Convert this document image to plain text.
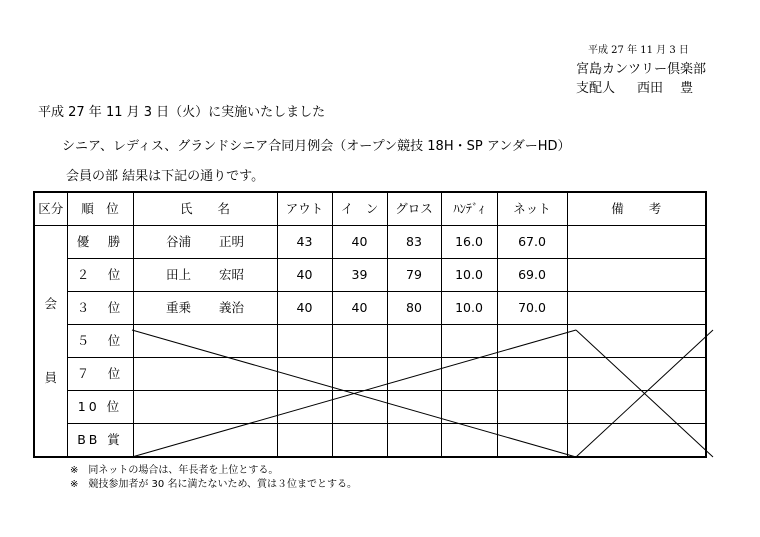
平成 27 年 11 月 3 日
宮島カンツリー倶楽部
支配人 西田　 豊
平成 27 年 11 月 3 日（火）に実施いたしました
シニア、レディス、グランドシニア合同月例会（オープン競技 18H・SP アンダーHD）
会員の部 結果は下記の通りです。
区分	順　位	氏　　名	アウト	イ　ン	グロス	ﾊﾝﾃﾞｨ	ネット	備　　考

会
員	優　勝	谷浦 正明	43	40	83	16.0	67.0	
	２　位	田上 宏昭	40	39	79	10.0	69.0	
	３　位	重乗 義治	40	40	80	10.0	70.0	
	５　位							
	７　位							
	10 位							
	BB 賞							
※　同ネットの場合は、年長者を上位とする。
※　競技参加者が 30 名に満たないため、賞は３位までとする。
